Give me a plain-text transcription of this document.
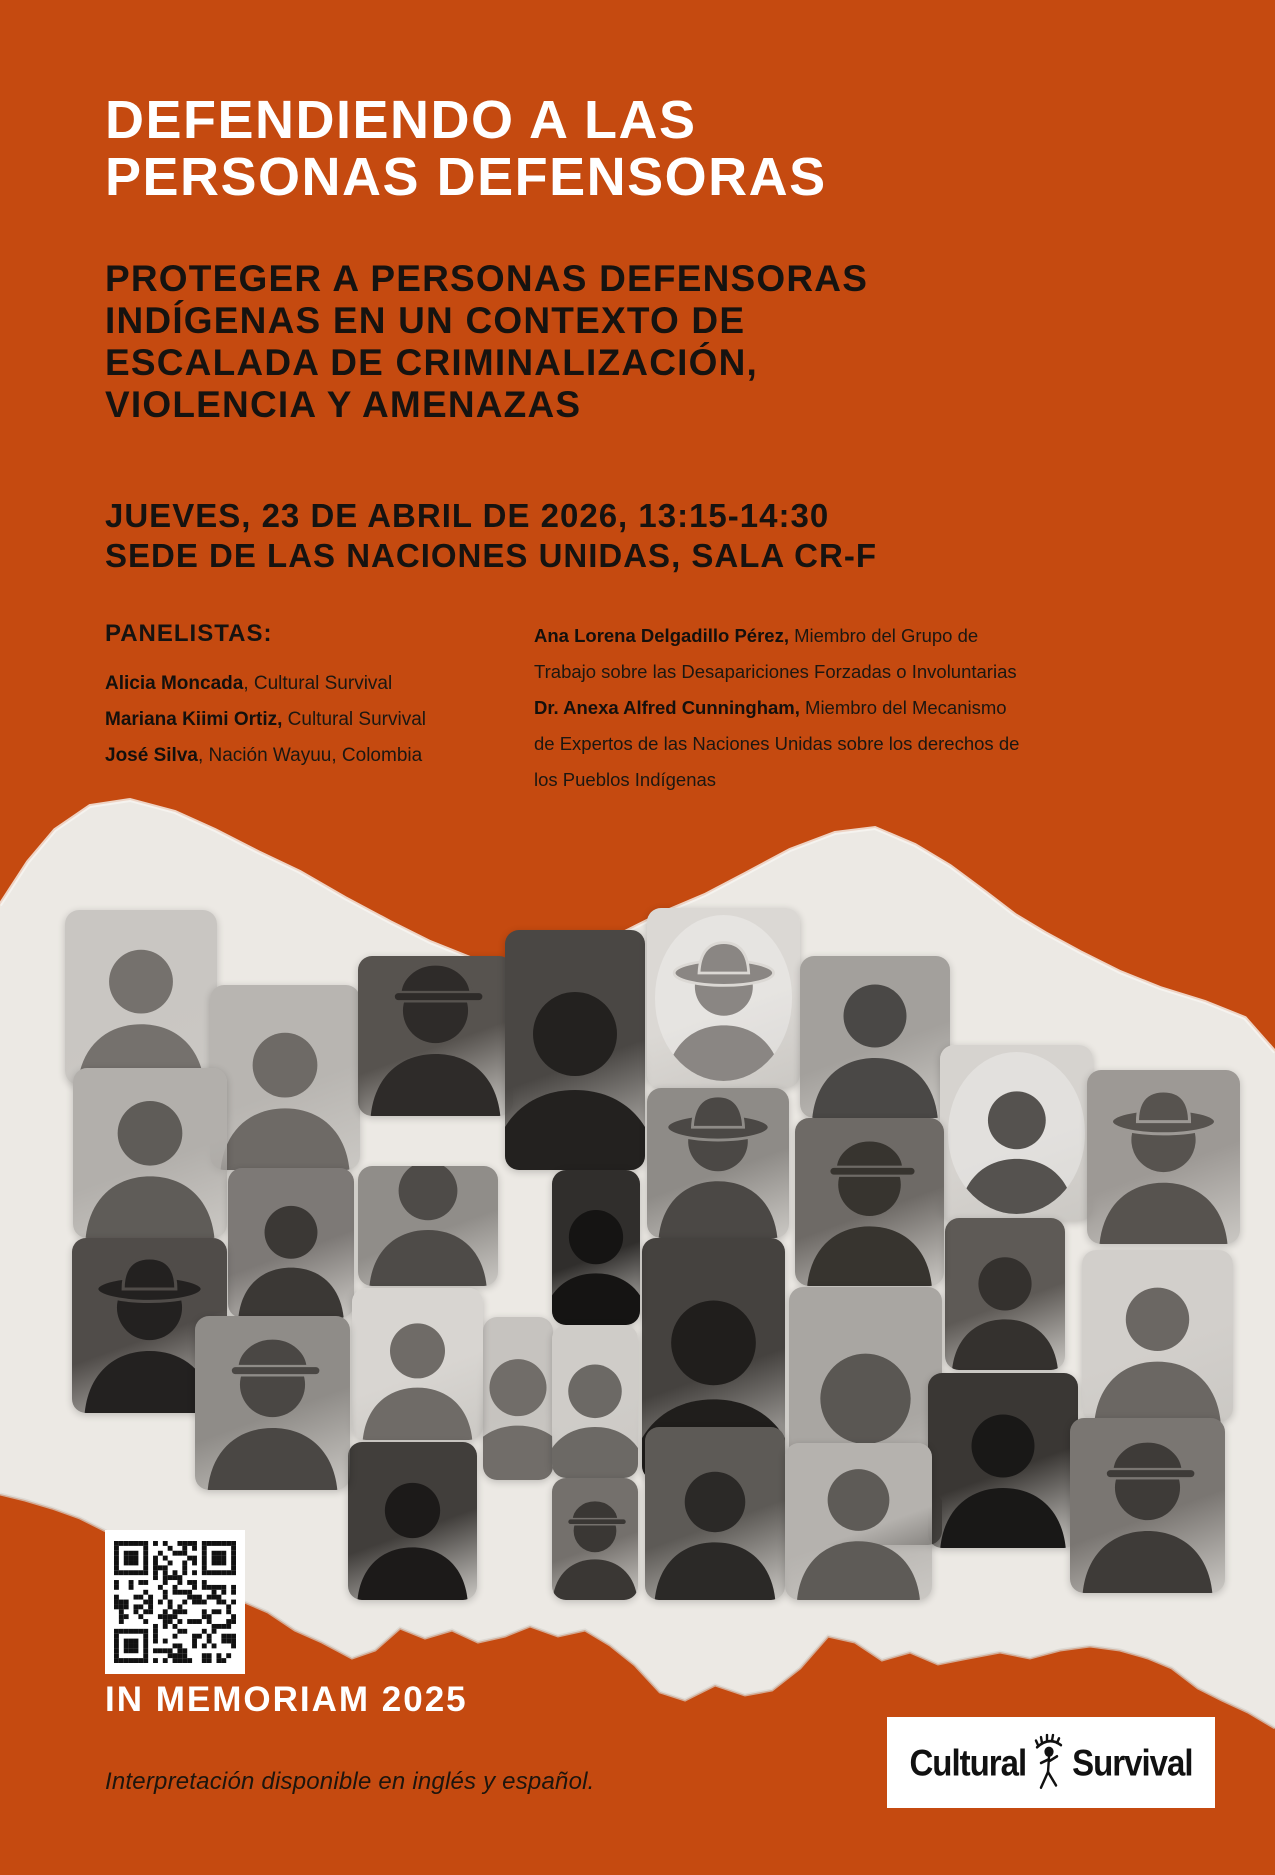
DEFENDIENDO A LAS
PERSONAS DEFENSORAS
PROTEGER A PERSONAS DEFENSORAS
INDÍGENAS EN UN CONTEXTO DE
ESCALADA DE CRIMINALIZACIÓN,
VIOLENCIA Y AMENAZAS
JUEVES, 23 DE ABRIL DE 2026, 13:15-14:30
SEDE DE LAS NACIONES UNIDAS, SALA CR-F
PANELISTAS:
Alicia Moncada, Cultural Survival
Mariana Kiimi Ortiz, Cultural Survival
José Silva, Nación Wayuu, Colombia
Ana Lorena Delgadillo Pérez, Miembro del Grupo de Trabajo sobre las Desapariciones Forzadas o Involuntarias
Dr. Anexa Alfred Cunningham, Miembro del Mecanismo de Expertos de las Naciones Unidas sobre los derechos de los Pueblos Indígenas
IN MEMORIAM 2025
Interpretación disponible en inglés y español.	Cultural Survival
